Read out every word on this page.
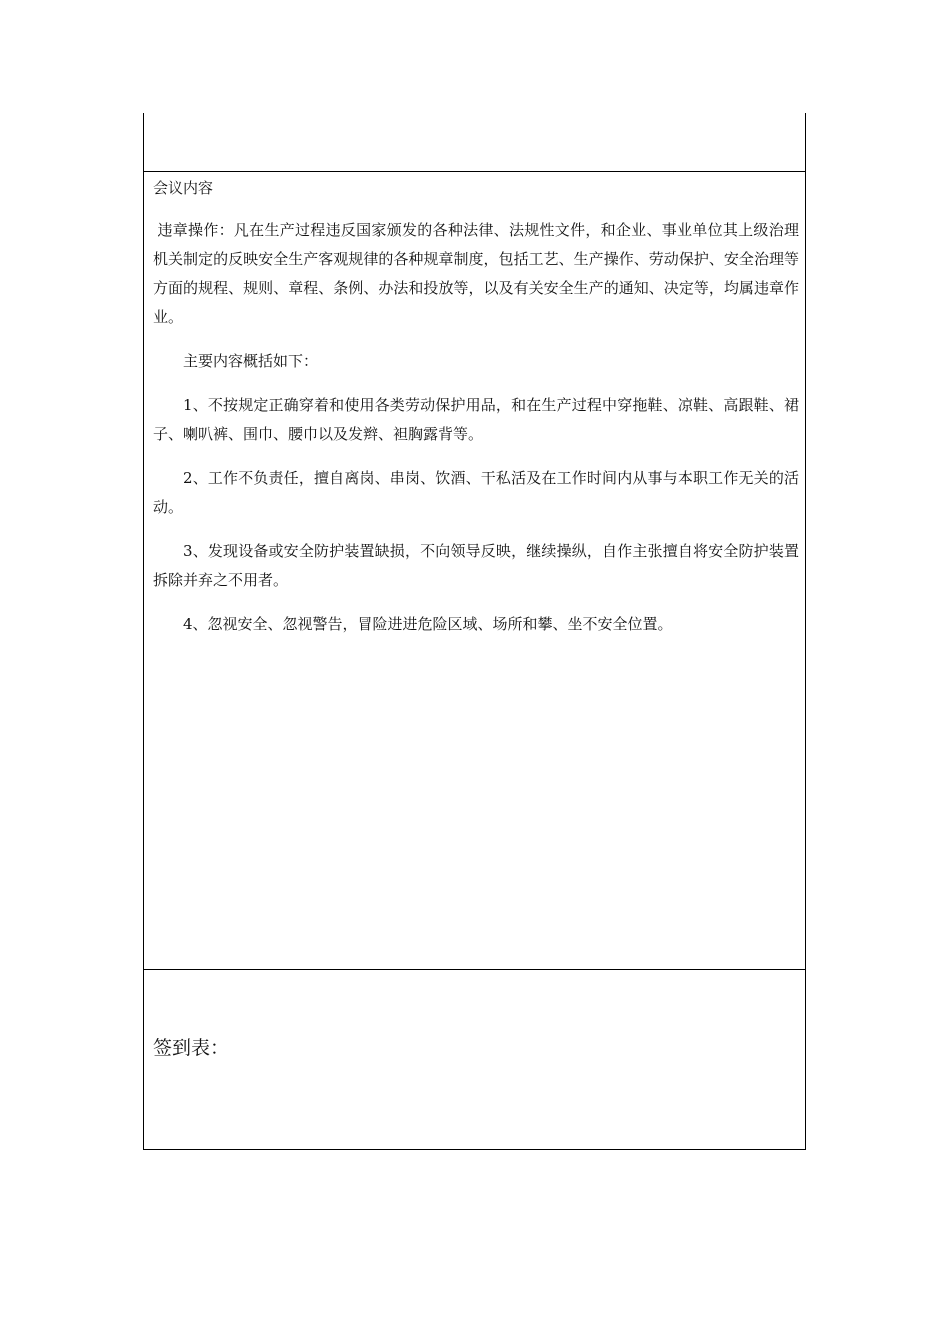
会议内容

违章操作：凡在生产过程违反国家颁发的各种法律、法规性文件，和企业、事业单位其上级治理机关制定的反映安全生产客观规律的各种规章制度，包括工艺、生产操作、劳动保护、安全治理等方面的规程、规则、章程、条例、办法和投放等，以及有关安全生产的通知、决定等，均属违章作业。

主要内容概括如下：

1、不按规定正确穿着和使用各类劳动保护用品，和在生产过程中穿拖鞋、凉鞋、高跟鞋、裙子、喇叭裤、围巾、腰巾以及发辫、袒胸露背等。

2、工作不负责任，擅自离岗、串岗、饮酒、干私活及在工作时间内从事与本职工作无关的活动。

3、发现设备或安全防护装置缺损，不向领导反映，继续操纵，自作主张擅自将安全防护装置拆除并弃之不用者。

4、忽视安全、忽视警告，冒险进进危险区域、场所和攀、坐不安全位置。

签到表：
